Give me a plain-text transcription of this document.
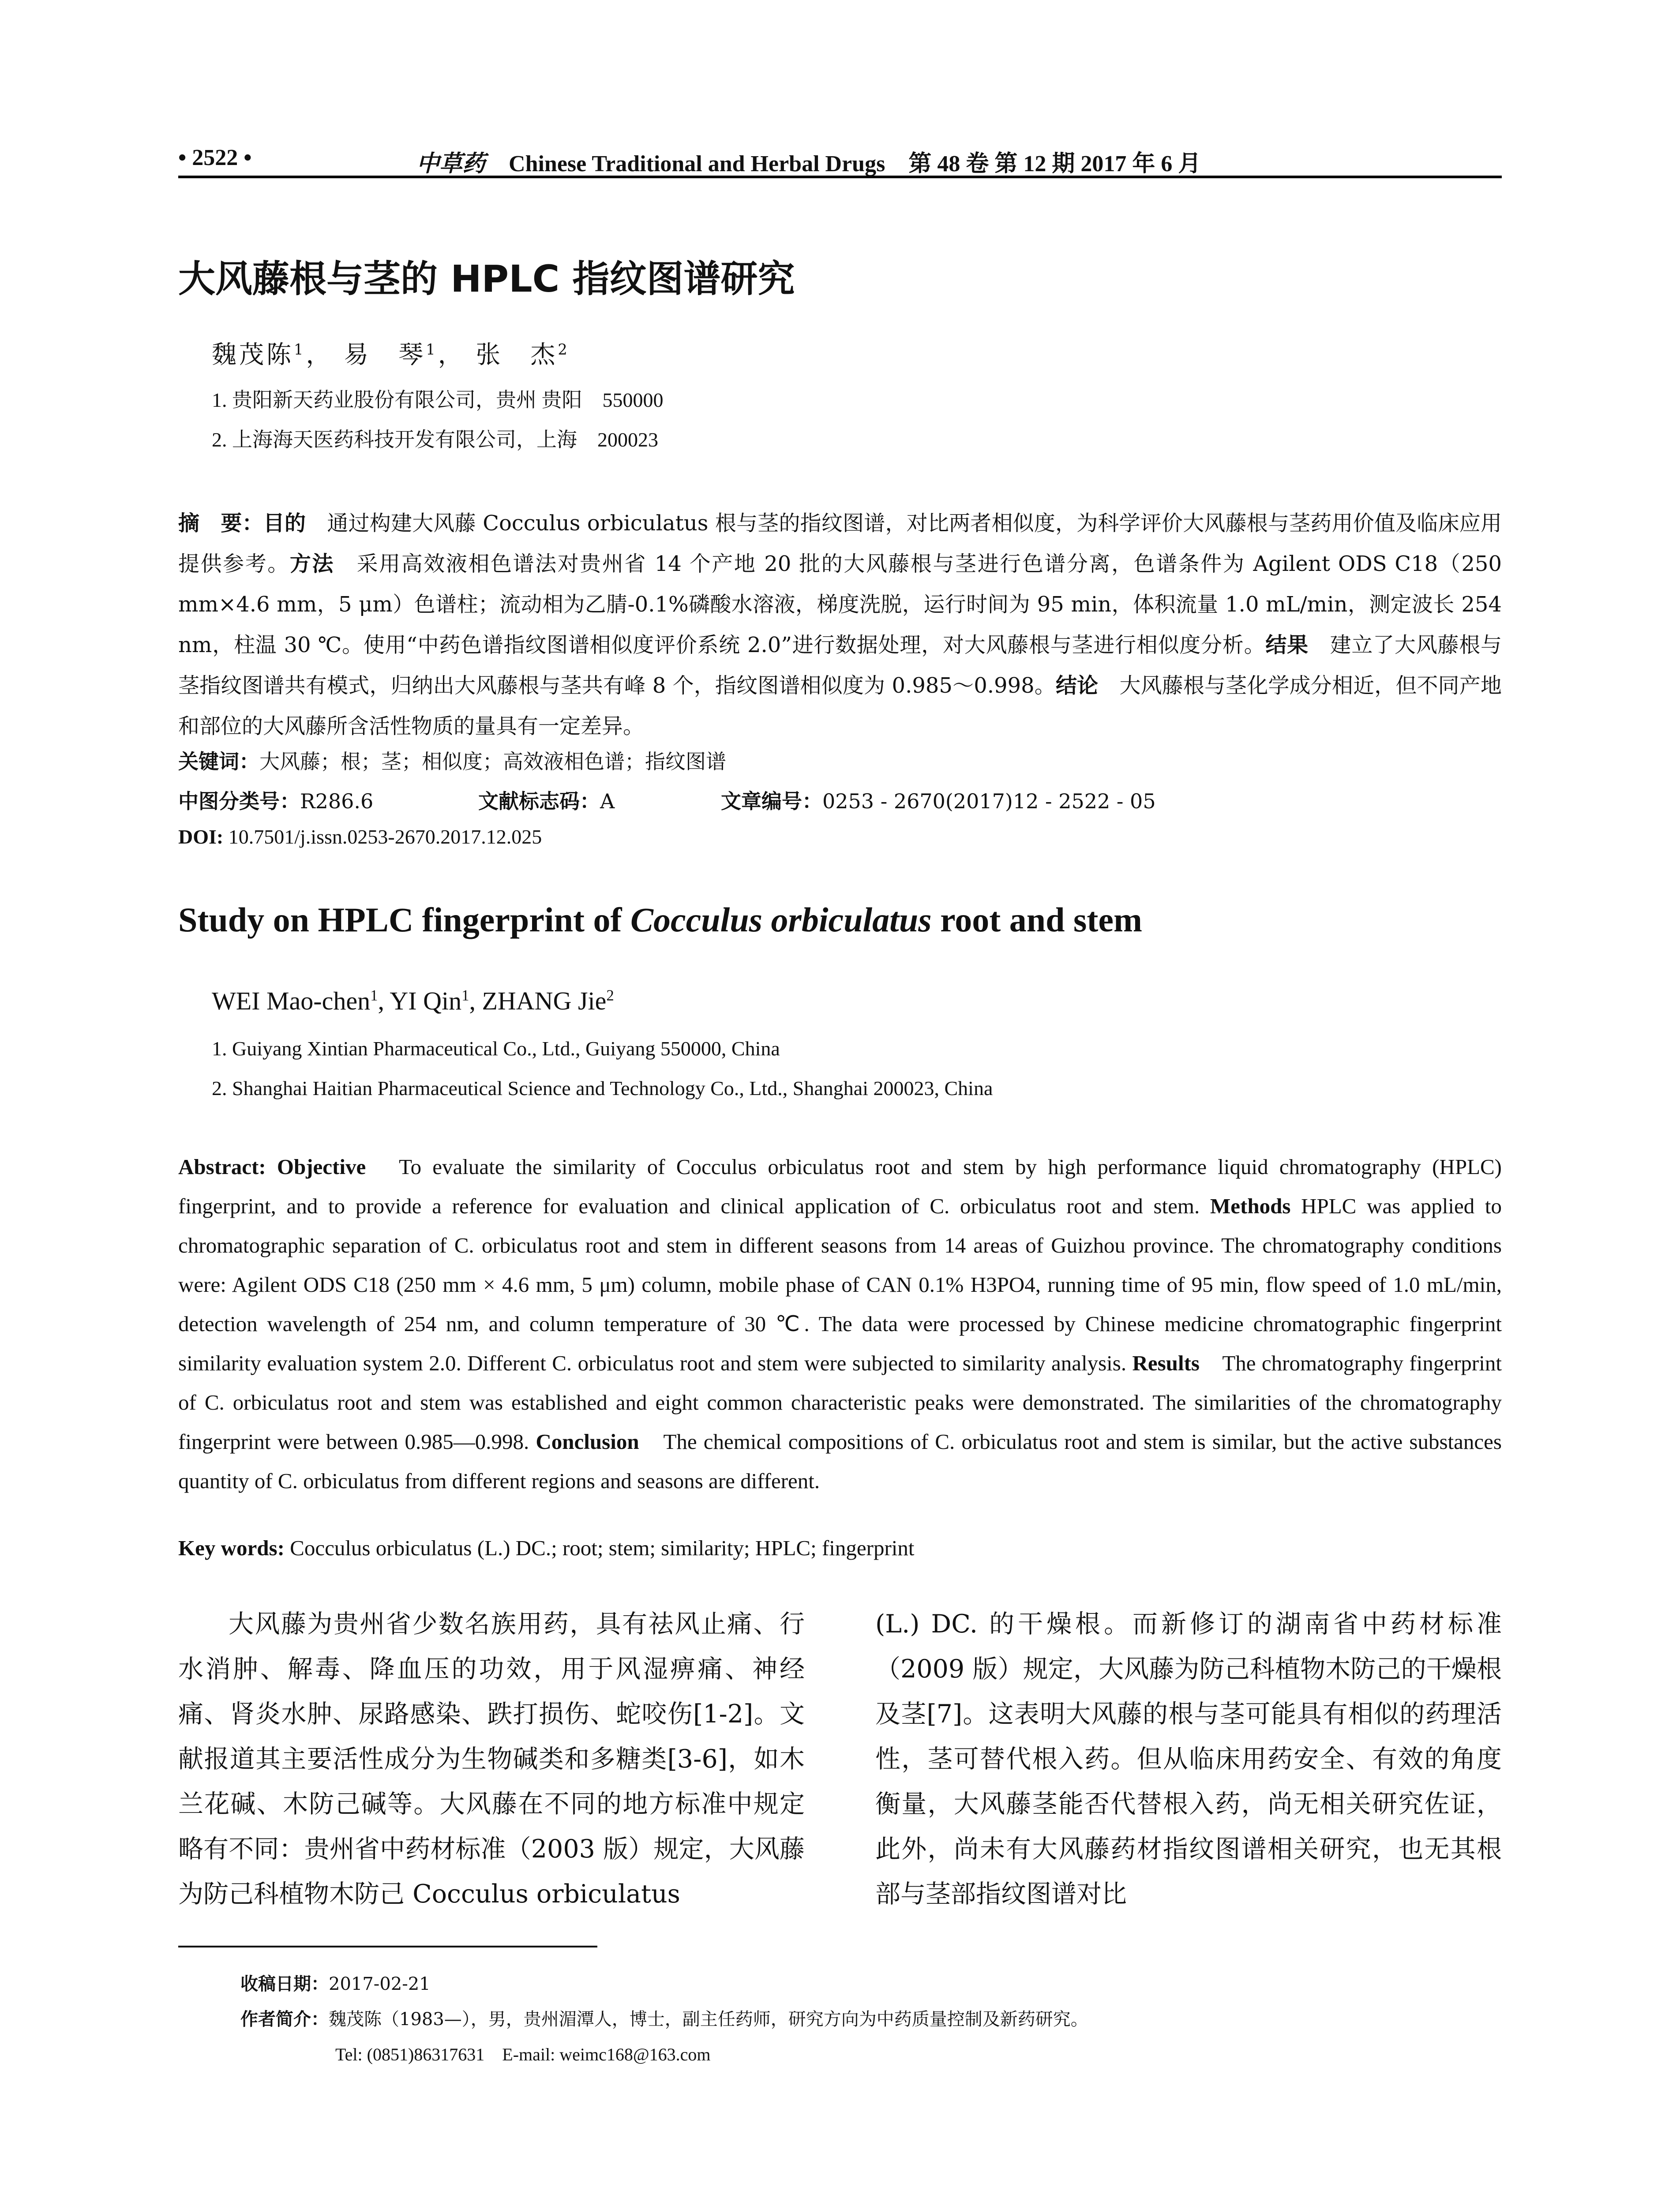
• 2522 •	中草药 Chinese Traditional and Herbal Drugs 第 48 卷 第 12 期 2017 年 6 月
大风藤根与茎的 HPLC 指纹图谱研究
魏茂陈$^1$， 易　琴$^1$， 张　杰$^2$
1. 贵阳新天药业股份有限公司，贵州 贵阳　550000
2. 上海海天医药科技开发有限公司，上海　200023
摘　要：目的　 通过构建大风藤 Cocculus orbiculatus 根与茎的指纹图谱，对比两者相似度，为科学评价大风藤根与茎药用价值及临床应用提供参考。方法　 采用高效液相色谱法对贵州省 14 个产地 20 批的大风藤根与茎进行色谱分离，色谱条件为 Agilent ODS C18（250 mm×4.6 mm，5 μm）色谱柱；流动相为乙腈-0.1%磷酸水溶液，梯度洗脱，运行时间为 95 min，体积流量 1.0 mL/min，测定波长 254 nm，柱温 30 ℃。使用“中药色谱指纹图谱相似度评价系统 2.0”进行数据处理，对大风藤根与茎进行相似度分析。结果　 建立了大风藤根与茎指纹图谱共有模式，归纳出大风藤根与茎共有峰 8 个，指纹图谱相似度为 0.985～0.998。结论　 大风藤根与茎化学成分相近，但不同产地和部位的大风藤所含活性物质的量具有一定差异。
关键词：大风藤；根；茎；相似度；高效液相色谱；指纹图谱
中图分类号：R286.6	文献标志码：A	文章编号：0253 - 2670(2017)12 - 2522 - 05
DOI: 10.7501/j.issn.0253-2670.2017.12.025
Study on HPLC fingerprint of Cocculus orbiculatus root and stem
WEI Mao-chen$^1$, YI Qin$^1$, ZHANG Jie$^2$
1. Guiyang Xintian Pharmaceutical Co., Ltd., Guiyang 550000, China
2. Shanghai Haitian Pharmaceutical Science and Technology Co., Ltd., Shanghai 200023, China
Abstract: Objective　 To evaluate the similarity of Cocculus orbiculatus root and stem by high performance liquid chromatography (HPLC) fingerprint, and to provide a reference for evaluation and clinical application of C. orbiculatus root and stem. Methods HPLC was applied to chromatographic separation of C. orbiculatus root and stem in different seasons from 14 areas of Guizhou province. The chromatography conditions were: Agilent ODS C18 (250 mm × 4.6 mm, 5 μm) column, mobile phase of CAN 0.1% H3PO4, running time of 95 min, flow speed of 1.0 mL/min, detection wavelength of 254 nm, and column temperature of 30 ℃. The data were processed by Chinese medicine chromatographic fingerprint similarity evaluation system 2.0. Different C. orbiculatus root and stem were subjected to similarity analysis. Results　 The chromatography fingerprint of C. orbiculatus root and stem was established and eight common characteristic peaks were demonstrated. The similarities of the chromatography fingerprint were between 0.985—0.998. Conclusion　 The chemical compositions of C. orbiculatus root and stem is similar, but the active substances quantity of C. orbiculatus from different regions and seasons are different.
Key words: Cocculus orbiculatus (L.) DC.; root; stem; similarity; HPLC; fingerprint
大风藤为贵州省少数名族用药，具有祛风止痛、行水消肿、解毒、降血压的功效，用于风湿痹痛、神经痛、肾炎水肿、尿路感染、跌打损伤、蛇咬伤[1-2]。文献报道其主要活性成分为生物碱类和多糖类[3-6]，如木兰花碱、木防己碱等。大风藤在不同的地方标准中规定略有不同：贵州省中药材标准（2003 版）规定，大风藤为防己科植物木防己 Cocculus orbiculatus
(L.) DC. 的干燥根。而新修订的湖南省中药材标准（2009 版）规定，大风藤为防己科植物木防己的干燥根及茎[7]。这表明大风藤的根与茎可能具有相似的药理活性，茎可替代根入药。但从临床用药安全、有效的角度衡量，大风藤茎能否代替根入药，尚无相关研究佐证，此外，尚未有大风藤药材指纹图谱相关研究，也无其根部与茎部指纹图谱对比
收稿日期：2017-02-21
作者简介：魏茂陈（1983—），男，贵州湄潭人，博士，副主任药师，研究方向为中药质量控制及新药研究。
Tel: (0851)86317631　E-mail: weimc168@163.com
